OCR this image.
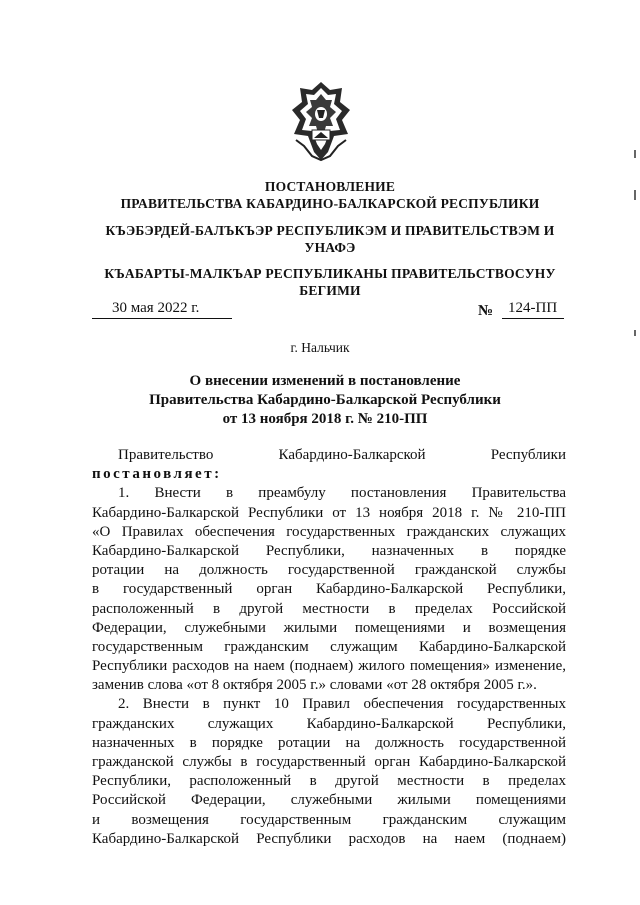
ПОСТАНОВЛЕНИЕ
ПРАВИТЕЛЬСТВА КАБАРДИНО-БАЛКАРСКОЙ РЕСПУБЛИКИ
КЪЭБЭРДЕЙ-БАЛЪКЪЭР РЕСПУБЛИКЭМ И ПРАВИТЕЛЬСТВЭМ И
УНАФЭ
КЪАБАРТЫ-МАЛКЪАР РЕСПУБЛИКАНЫ ПРАВИТЕЛЬСТВОСУНУ
БЕГИМИ
30 мая 2022 г.	№ 124-ПП
г. Нальчик
О внесении изменений в постановление
Правительства Кабардино-Балкарской Республики
от 13 ноября 2018 г. № 210-ПП
Правительство Кабардино-Балкарской Республики
постановляет:
1. Внести в преамбулу постановления Правительства
Кабардино-Балкарской Республики от 13 ноября 2018 г. № 210-ПП
«О Правилах обеспечения государственных гражданских служащих
Кабардино-Балкарской Республики, назначенных в порядке
ротации на должность государственной гражданской службы
в государственный орган Кабардино-Балкарской Республики,
расположенный в другой местности в пределах Российской
Федерации, служебными жилыми помещениями и возмещения
государственным гражданским служащим Кабардино-Балкарской
Республики расходов на наем (поднаем) жилого помещения» изменение,
заменив слова «от 8 октября 2005 г.» словами «от 28 октября 2005 г.».
2. Внести в пункт 10 Правил обеспечения государственных
гражданских служащих Кабардино-Балкарской Республики,
назначенных в порядке ротации на должность государственной
гражданской службы в государственный орган Кабардино-Балкарской
Республики, расположенный в другой местности в пределах
Российской Федерации, служебными жилыми помещениями
и возмещения государственным гражданским служащим
Кабардино-Балкарской Республики расходов на наем (поднаем)
